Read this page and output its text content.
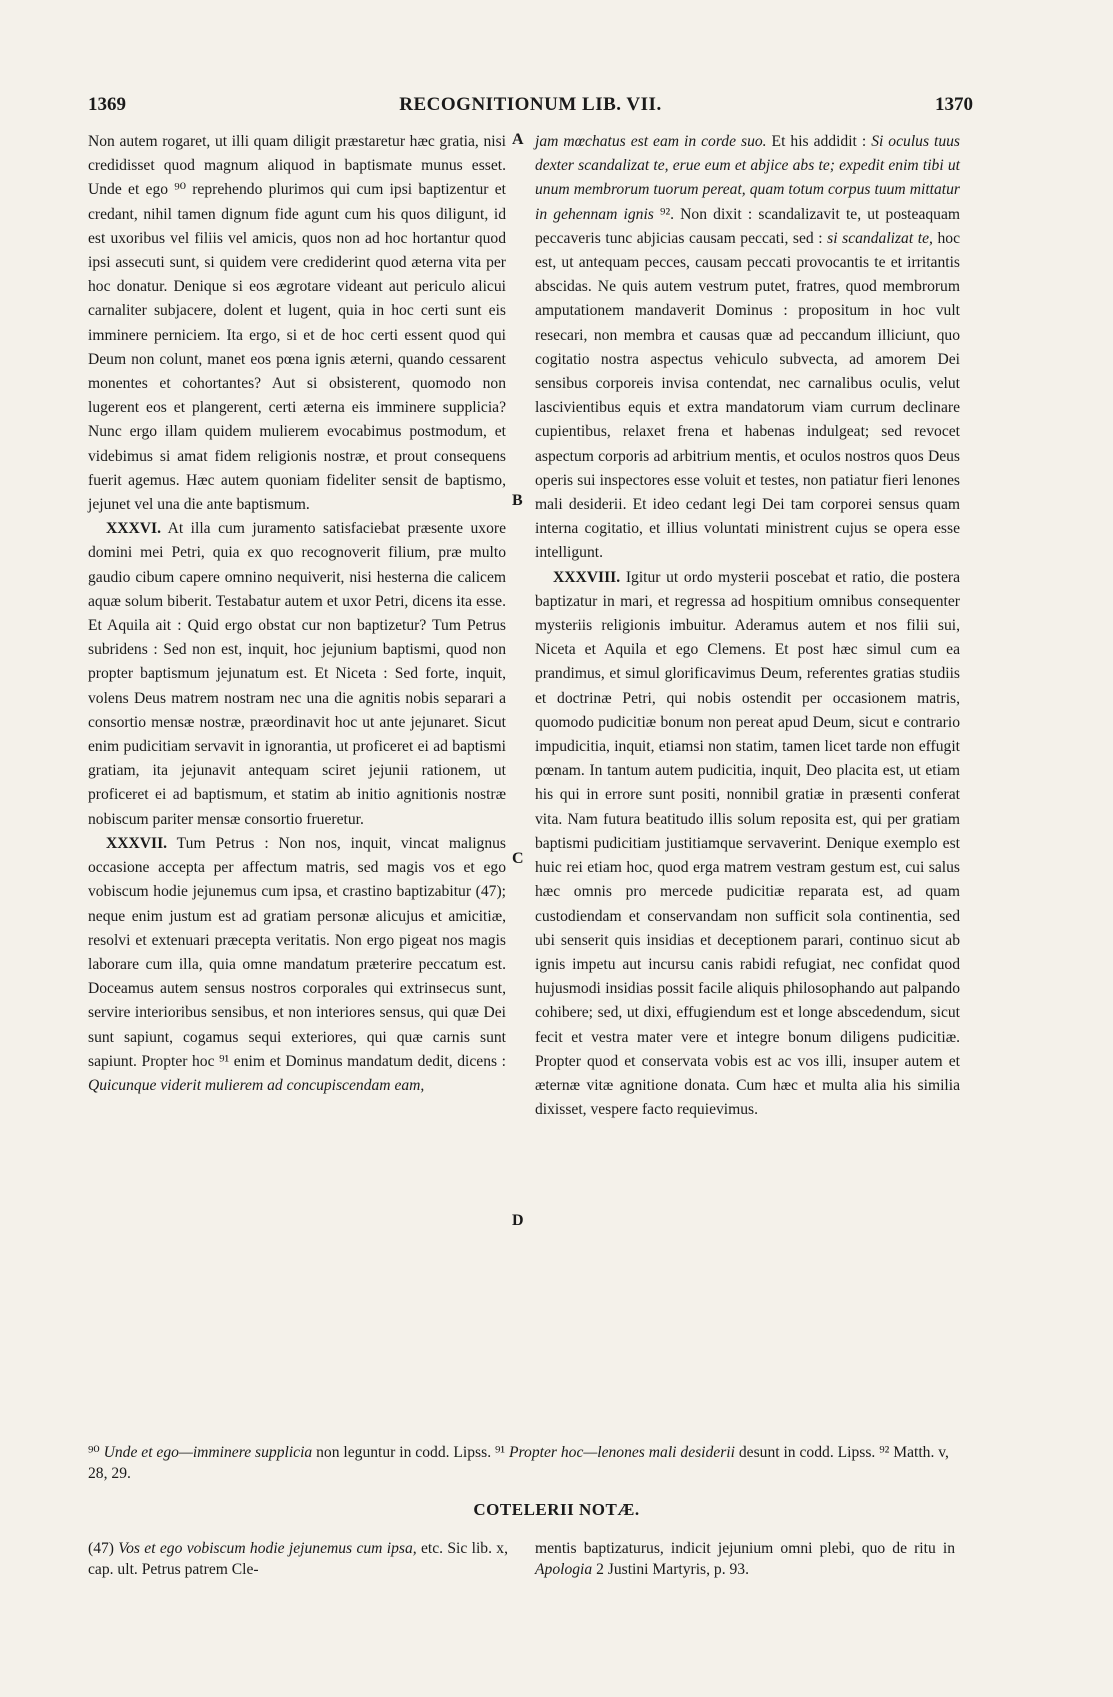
1369	RECOGNITIONUM LIB. VII.	1370
A
B
C
D

Non autem rogaret, ut illi quam diligit præstaretur hæc gratia, nisi credidisset quod magnum aliquod in baptismate munus esset. Unde et ego ⁹⁰ reprehendo plurimos qui cum ipsi baptizentur et credant, nihil tamen dignum fide agunt cum his quos diligunt, id est uxoribus vel filiis vel amicis, quos non ad hoc hortantur quod ipsi assecuti sunt, si quidem vere crediderint quod æterna vita per hoc donatur. Denique si eos ægrotare videant aut periculo alicui carnaliter subjacere, dolent et lugent, quia in hoc certi sunt eis imminere perniciem. Ita ergo, si et de hoc certi essent quod qui Deum non colunt, manet eos pœna ignis æterni, quando cessarent monentes et cohortantes? Aut si obsisterent, quomodo non lugerent eos et plangerent, certi æterna eis imminere supplicia? Nunc ergo illam quidem mulierem evocabimus postmodum, et videbimus si amat fidem religionis nostræ, et prout consequens fuerit agemus. Hæc autem quoniam fideliter sensit de baptismo, jejunet vel una die ante baptismum.

XXXVI. At illa cum juramento satisfaciebat præsente uxore domini mei Petri, quia ex quo recognoverit filium, præ multo gaudio cibum capere omnino nequiverit, nisi hesterna die calicem aquæ solum biberit. Testabatur autem et uxor Petri, dicens ita esse. Et Aquila ait : Quid ergo obstat cur non baptizetur? Tum Petrus subridens : Sed non est, inquit, hoc jejunium baptismi, quod non propter baptismum jejunatum est. Et Niceta : Sed forte, inquit, volens Deus matrem nostram nec una die agnitis nobis separari a consortio mensæ nostræ, præordinavit hoc ut ante jejunaret. Sicut enim pudicitiam servavit in ignorantia, ut proficeret ei ad baptismi gratiam, ita jejunavit antequam sciret jejunii rationem, ut proficeret ei ad baptismum, et statim ab initio agnitionis nostræ nobiscum pariter mensæ consortio frueretur.

XXXVII. Tum Petrus : Non nos, inquit, vincat malignus occasione accepta per affectum matris, sed magis vos et ego vobiscum hodie jejunemus cum ipsa, et crastino baptizabitur (47); neque enim justum est ad gratiam personæ alicujus et amicitiæ, resolvi et extenuari præcepta veritatis. Non ergo pigeat nos magis laborare cum illa, quia omne mandatum præterire peccatum est. Doceamus autem sensus nostros corporales qui extrinsecus sunt, servire interioribus sensibus, et non interiores sensus, qui quæ Dei sunt sapiunt, cogamus sequi exteriores, qui quæ carnis sunt sapiunt. Propter hoc ⁹¹ enim et Dominus mandatum dedit, dicens : Quicunque viderit mulierem ad concupiscendam eam,

jam mœchatus est eam in corde suo. Et his addidit : Si oculus tuus dexter scandalizat te, erue eum et abjice abs te; expedit enim tibi ut unum membrorum tuorum pereat, quam totum corpus tuum mittatur in gehennam ignis ⁹². Non dixit : scandalizavit te, ut posteaquam peccaveris tunc abjicias causam peccati, sed : si scandalizat te, hoc est, ut antequam pecces, causam peccati provocantis te et irritantis abscidas. Ne quis autem vestrum putet, fratres, quod membrorum amputationem mandaverit Dominus : propositum in hoc vult resecari, non membra et causas quæ ad peccandum illiciunt, quo cogitatio nostra aspectus vehiculo subvecta, ad amorem Dei sensibus corporeis invisa contendat, nec carnalibus oculis, velut lascivientibus equis et extra mandatorum viam currum declinare cupientibus, relaxet frena et habenas indulgeat; sed revocet aspectum corporis ad arbitrium mentis, et oculos nostros quos Deus operis sui inspectores esse voluit et testes, non patiatur fieri lenones mali desiderii. Et ideo cedant legi Dei tam corporei sensus quam interna cogitatio, et illius voluntati ministrent cujus se opera esse intelligunt.

XXXVIII. Igitur ut ordo mysterii poscebat et ratio, die postera baptizatur in mari, et regressa ad hospitium omnibus consequenter mysteriis religionis imbuitur. Aderamus autem et nos filii sui, Niceta et Aquila et ego Clemens. Et post hæc simul cum ea prandimus, et simul glorificavimus Deum, referentes gratias studiis et doctrinæ Petri, qui nobis ostendit per occasionem matris, quomodo pudicitiæ bonum non pereat apud Deum, sicut e contrario impudicitia, inquit, etiamsi non statim, tamen licet tarde non effugit pœnam. In tantum autem pudicitia, inquit, Deo placita est, ut etiam his qui in errore sunt positi, nonnibil gratiæ in præsenti conferat vita. Nam futura beatitudo illis solum reposita est, qui per gratiam baptismi pudicitiam justitiamque servaverint. Denique exemplo est huic rei etiam hoc, quod erga matrem vestram gestum est, cui salus hæc omnis pro mercede pudicitiæ reparata est, ad quam custodiendam et conservandam non sufficit sola continentia, sed ubi senserit quis insidias et deceptionem parari, continuo sicut ab ignis impetu aut incursu canis rabidi refugiat, nec confidat quod hujusmodi insidias possit facile aliquis philosophando aut palpando cohibere; sed, ut dixi, effugiendum est et longe abscedendum, sicut fecit et vestra mater vere et integre bonum diligens pudicitiæ. Propter quod et conservata vobis est ac vos illi, insuper autem et æternæ vitæ agnitione donata. Cum hæc et multa alia his similia dixisset, vespere facto requievimus.

⁹⁰ Unde et ego—imminere supplicia non leguntur in codd. Lipss. ⁹¹ Propter hoc—lenones mali desiderii desunt in codd. Lipss. ⁹² Matth. v, 28, 29.

COTELERII NOTÆ.
(47) Vos et ego vobiscum hodie jejunemus cum ipsa, etc. Sic lib. x, cap. ult. Petrus patrem Cle-
mentis baptizaturus, indicit jejunium omni plebi, quo de ritu in Apologia 2 Justini Martyris, p. 93.
